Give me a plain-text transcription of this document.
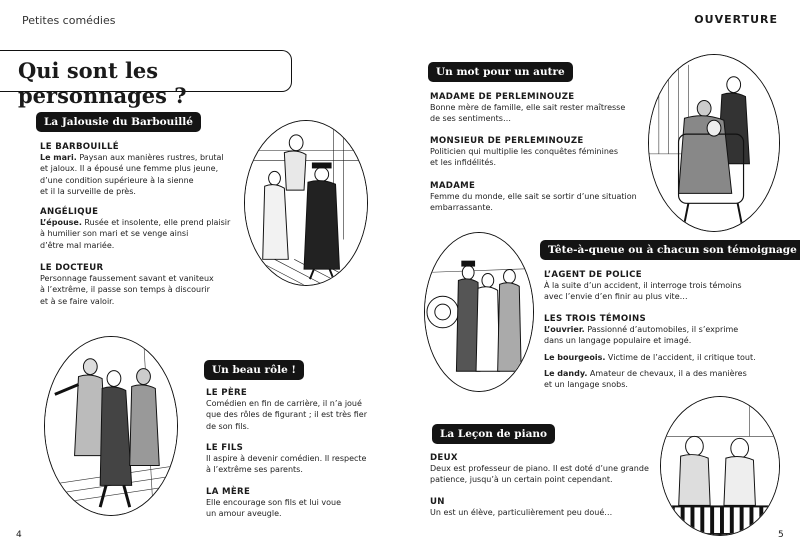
Petites comédies	OUVERTURE
Qui sont les personnages ?
La Jalousie du Barbouillé
LE BARBOUILLÉ
Le mari. Paysan aux manières rustres, brutal
et jaloux. Il a épousé une femme plus jeune,
d’une condition supérieure à la sienne
et il la surveille de près.
ANGÉLIQUE
L’épouse. Rusée et insolente, elle prend plaisir
à humilier son mari et se venge ainsi
d’être mal mariée.
LE DOCTEUR
Personnage faussement savant et vaniteux
à l’extrême, il passe son temps à discourir
et à se faire valoir.
Un beau rôle !
LE PÈRE
Comédien en fin de carrière, il n’a joué
que des rôles de figurant ; il est très fier
de son fils.
LE FILS
Il aspire à devenir comédien. Il respecte
à l’extrême ses parents.
LA MÈRE
Elle encourage son fils et lui voue
un amour aveugle.
Un mot pour un autre
MADAME DE PERLEMINOUZE
Bonne mère de famille, elle sait rester maîtresse
de ses sentiments…
MONSIEUR DE PERLEMINOUZE
Politicien qui multiplie les conquêtes féminines
et les infidélités.
MADAME
Femme du monde, elle sait se sortir d’une situation
embarrassante.
Tête-à-queue ou à chacun son témoignage
L’AGENT DE POLICE
À la suite d’un accident, il interroge trois témoins
avec l’envie d’en finir au plus vite…
LES TROIS TÉMOINS
L’ouvrier. Passionné d’automobiles, il s’exprime
dans un langage populaire et imagé.
Le bourgeois. Victime de l’accident, il critique tout.
Le dandy. Amateur de chevaux, il a des manières
et un langage snobs.
La Leçon de piano
DEUX
Deux est professeur de piano. Il est doté d’une grande
patience, jusqu’à un certain point cependant.
UN
Un est un élève, particulièrement peu doué…
4	5
